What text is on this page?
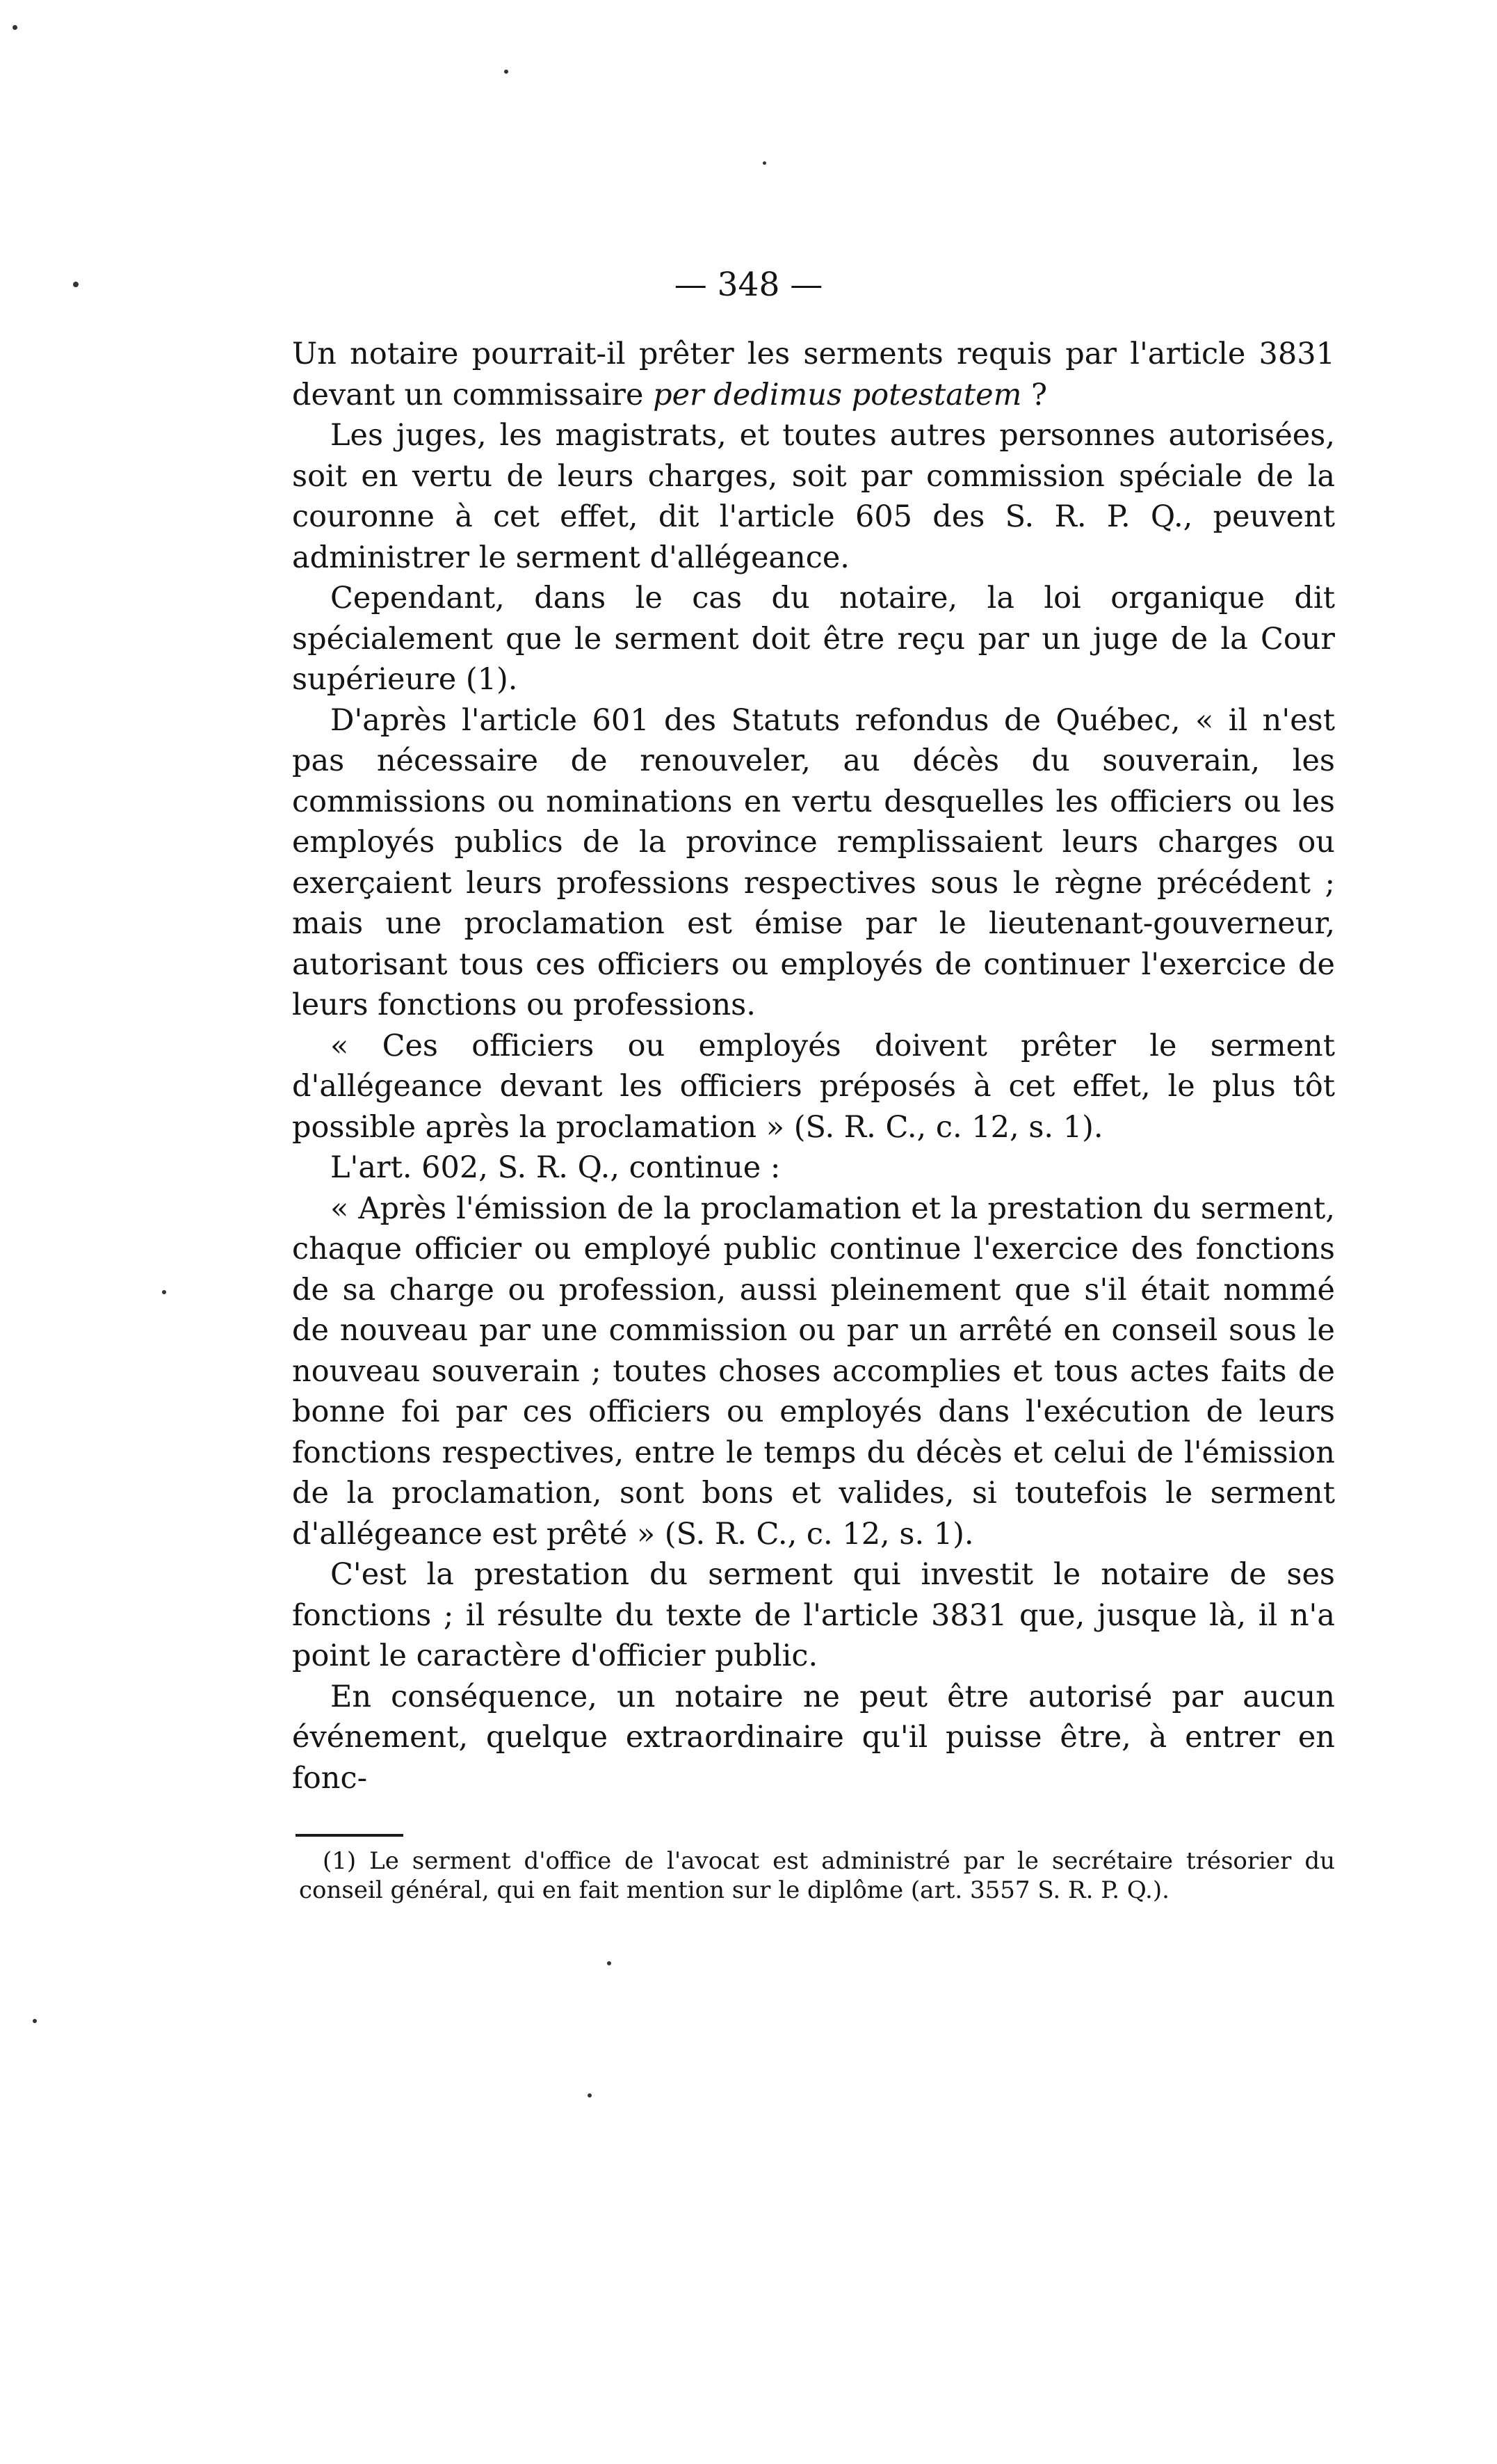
— 348 —

Un notaire pourrait-il prêter les serments requis par l'article 3831 devant un commissaire per dedimus potestatem ?

Les juges, les magistrats, et toutes autres personnes autorisées, soit en vertu de leurs charges, soit par commission spéciale de la couronne à cet effet, dit l'article 605 des S. R. P. Q., peuvent administrer le serment d'allégeance.

Cependant, dans le cas du notaire, la loi organique dit spécialement que le serment doit être reçu par un juge de la Cour supérieure (1).

D'après l'article 601 des Statuts refondus de Québec, « il n'est pas nécessaire de renouveler, au décès du souverain, les commissions ou nominations en vertu desquelles les officiers ou les employés publics de la province remplissaient leurs charges ou exerçaient leurs professions respectives sous le règne précédent ; mais une proclamation est émise par le lieutenant-gouverneur, autorisant tous ces officiers ou employés de continuer l'exercice de leurs fonctions ou professions.

« Ces officiers ou employés doivent prêter le serment d'allégeance devant les officiers préposés à cet effet, le plus tôt possible après la proclamation » (S. R. C., c. 12, s. 1).

L'art. 602, S. R. Q., continue :

« Après l'émission de la proclamation et la prestation du serment, chaque officier ou employé public continue l'exercice des fonctions de sa charge ou profession, aussi pleinement que s'il était nommé de nouveau par une commission ou par un arrêté en conseil sous le nouveau souverain ; toutes choses accomplies et tous actes faits de bonne foi par ces officiers ou employés dans l'exécution de leurs fonctions respectives, entre le temps du décès et celui de l'émission de la proclamation, sont bons et valides, si toutefois le serment d'allégeance est prêté » (S. R. C., c. 12, s. 1).

C'est la prestation du serment qui investit le notaire de ses fonctions ; il résulte du texte de l'article 3831 que, jusque là, il n'a point le caractère d'officier public.

En conséquence, un notaire ne peut être autorisé par aucun événement, quelque extraordinaire qu'il puisse être, à entrer en fonc-

(1) Le serment d'office de l'avocat est administré par le secrétaire trésorier du conseil général, qui en fait mention sur le diplôme (art. 3557 S. R. P. Q.).
